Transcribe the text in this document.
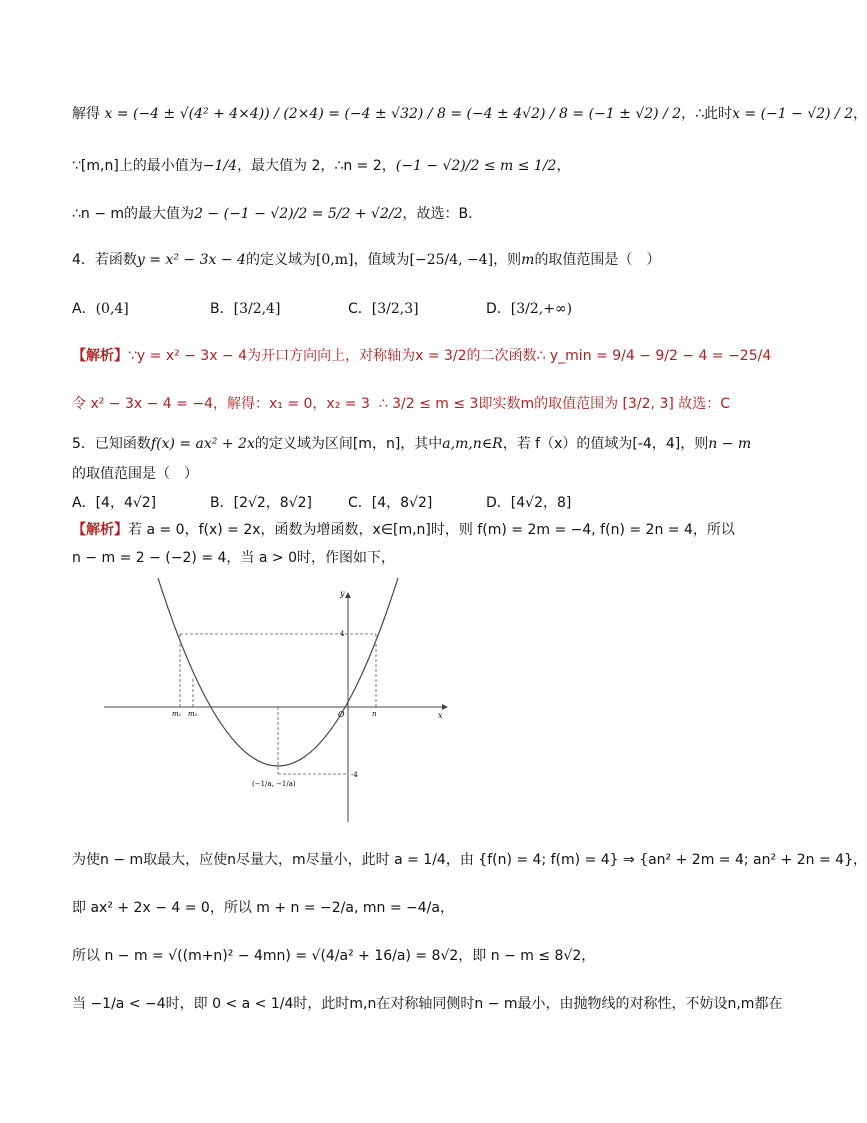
解得 x = (−4 ± √(4² + 4×4)) / (2×4) = (−4 ± √32) / 8 = (−4 ± 4√2) / 8 = (−1 ± √2) / 2，∴此时x = (−1 − √2) / 2，
∵[m,n]上的最小值为−1/4，最大值为 2，∴n = 2，(−1 − √2)/2 ≤ m ≤ 1/2，
∴n − m的最大值为2 − (−1 − √2)/2 = 5/2 + √2/2，故选：B．
4．若函数y = x² − 3x − 4的定义域为[0,m]，值域为[−25/4, −4]，则m的取值范围是（　）
A．(0,4]	B．[3/2,4]	C．[3/2,3]	D．[3/2,+∞)
【解析】∵y = x² − 3x − 4为开口方向向上，对称轴为x = 3/2的二次函数∴ y_min = 9/4 − 9/2 − 4 = −25/4
令 x² − 3x − 4 = −4，解得：x₁ = 0，x₂ = 3 ∴ 3/2 ≤ m ≤ 3即实数m的取值范围为 [3/2, 3] 故选：C
5．已知函数f(x) = ax² + 2x的定义域为区间[m，n]，其中a,m,n∈R，若 f（x）的值域为[-4，4]，则n − m
的取值范围是（　）
A．[4，4√2]	B．[2√2，8√2]	C．[4，8√2]	D．[4√2，8]
【解析】若 a = 0，f(x) = 2x，函数为增函数，x∈[m,n]时，则 f(m) = 2m = −4, f(n) = 2n = 4，所以
n − m = 2 − (−2) = 4，当 a > 0时，作图如下，
y
x
O
4
-4
m₁ m₂	n
(−1/a, −1/a)
为使n − m取最大，应使n尽量大，m尽量小，此时 a = 1/4，由 {f(n) = 4; f(m) = 4} ⇒ {an² + 2m = 4; an² + 2n = 4}，
即 ax² + 2x − 4 = 0，所以 m + n = −2/a, mn = −4/a，
所以 n − m = √((m+n)² − 4mn) = √(4/a² + 16/a) = 8√2，即 n − m ≤ 8√2，
当 −1/a < −4时，即 0 < a < 1/4时，此时m,n在对称轴同侧时n − m最小，由抛物线的对称性，不妨设n,m都在
